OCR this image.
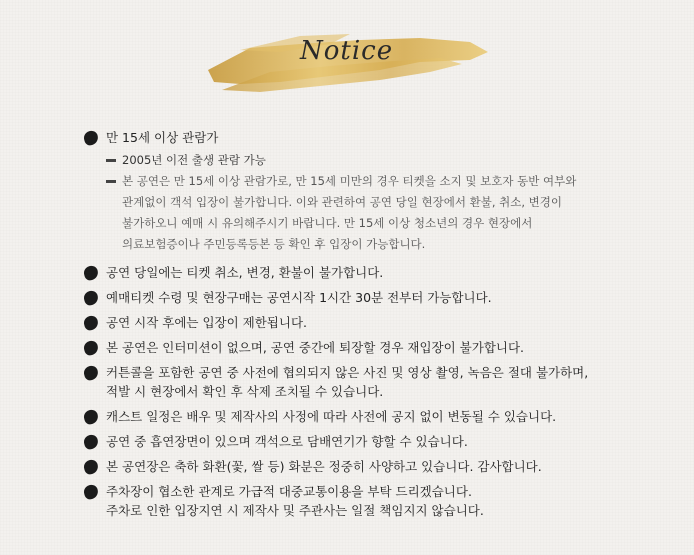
Notice
만 15세 이상 관람가
2005년 이전 출생 관람 가능
본 공연은 만 15세 이상 관람가로, 만 15세 미만의 경우 티켓을 소지 및 보호자 동반 여부와
관계없이 객석 입장이 불가합니다. 이와 관련하여 공연 당일 현장에서 환불, 취소, 변경이
불가하오니 예매 시 유의해주시기 바랍니다. 만 15세 이상 청소년의 경우 현장에서
의료보험증이나 주민등록등본 등 확인 후 입장이 가능합니다.
공연 당일에는 티켓 취소, 변경, 환불이 불가합니다.
예매티켓 수령 및 현장구매는 공연시작 1시간 30분 전부터 가능합니다.
공연 시작 후에는 입장이 제한됩니다.
본 공연은 인터미션이 없으며, 공연 중간에 퇴장할 경우 재입장이 불가합니다.
커튼콜을 포함한 공연 중 사전에 협의되지 않은 사진 및 영상 촬영, 녹음은 절대 불가하며,
적발 시 현장에서 확인 후 삭제 조치될 수 있습니다.
캐스트 일정은 배우 및 제작사의 사정에 따라 사전에 공지 없이 변동될 수 있습니다.
공연 중 흡연장면이 있으며 객석으로 담배연기가 향할 수 있습니다.
본 공연장은 축하 화환(꽃, 쌀 등) 화분은 정중히 사양하고 있습니다. 감사합니다.
주차장이 협소한 관계로 가급적 대중교통이용을 부탁 드리겠습니다.
주차로 인한 입장지연 시 제작사 및 주관사는 일절 책임지지 않습니다.
